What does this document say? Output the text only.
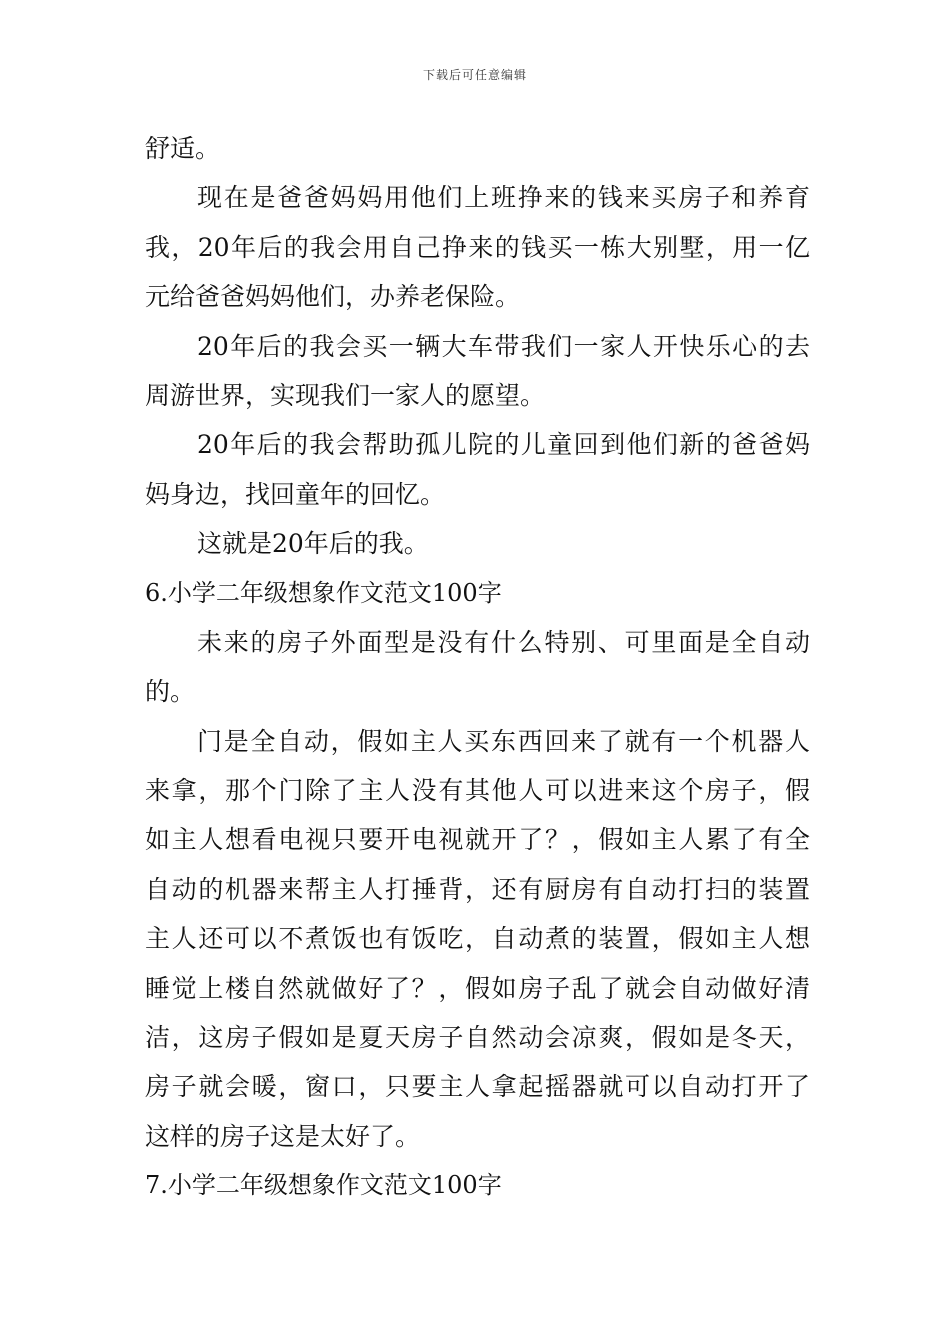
下载后可任意编辑
舒适。
现在是爸爸妈妈用他们上班挣来的钱来买房子和养育
我，20年后的我会用自己挣来的钱买一栋大别墅，用一亿
元给爸爸妈妈他们，办养老保险。
20年后的我会买一辆大车带我们一家人开快乐心的去
周游世界，实现我们一家人的愿望。
20年后的我会帮助孤儿院的儿童回到他们新的爸爸妈
妈身边，找回童年的回忆。
这就是20年后的我。
6.小学二年级想象作文范文100字
未来的房子外面型是没有什么特别、可里面是全自动
的。
门是全自动，假如主人买东西回来了就有一个机器人
来拿，那个门除了主人没有其他人可以进来这个房子，假
如主人想看电视只要开电视就开了？，假如主人累了有全
自动的机器来帮主人打捶背，还有厨房有自动打扫的装置
主人还可以不煮饭也有饭吃，自动煮的装置，假如主人想
睡觉上楼自然就做好了？，假如房子乱了就会自动做好清
洁，这房子假如是夏天房子自然动会凉爽，假如是冬天，
房子就会暖，窗口，只要主人拿起摇器就可以自动打开了
这样的房子这是太好了。
7.小学二年级想象作文范文100字
